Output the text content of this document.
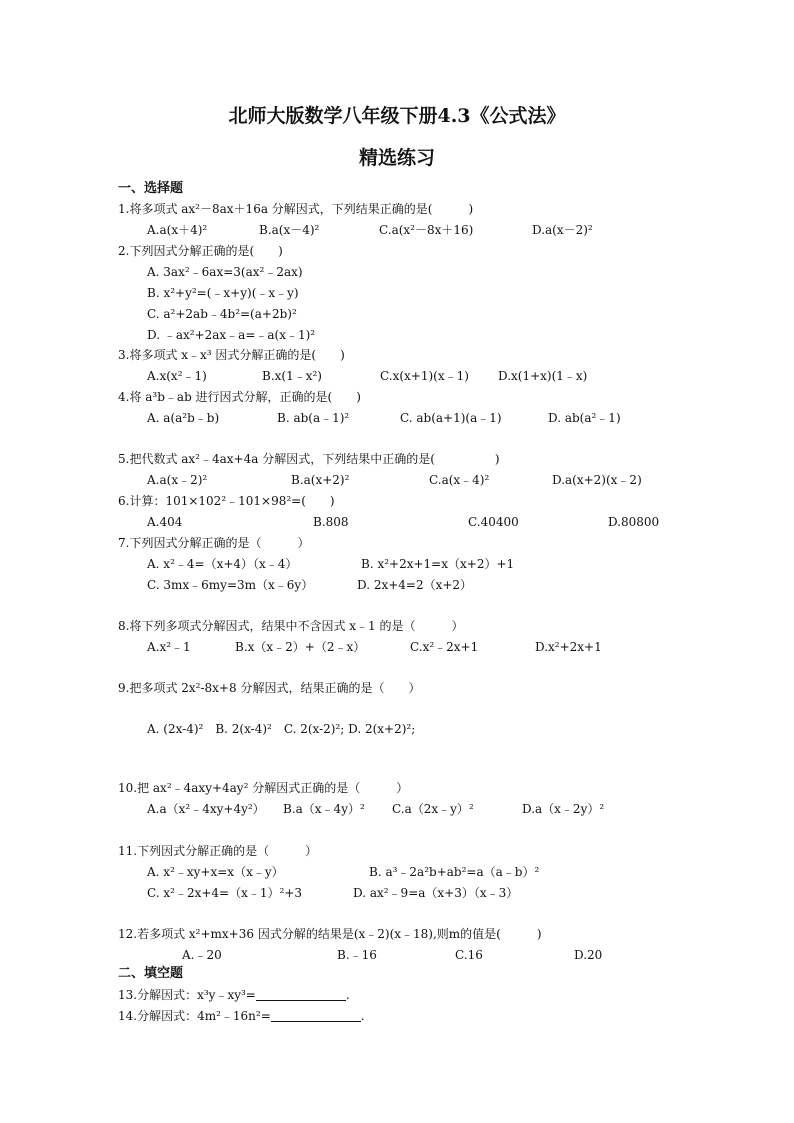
北师大版数学八年级下册4.3《公式法》
精选练习
一、选择题
1.将多项式 ax²－8ax＋16a 分解因式，下列结果正确的是(　　　)
A.a(x＋4)²	B.a(x－4)²	C.a(x²－8x＋16)	D.a(x－2)²
2.下列因式分解正确的是(　　)
A. 3ax²﹣6ax=3(ax²﹣2ax)
B. x²+y²=(﹣x+y)(﹣x﹣y)
C. a²+2ab﹣4b²=(a+2b)²
D. ﹣ax²+2ax﹣a=﹣a(x﹣1)²
3.将多项式 x﹣x³ 因式分解正确的是(　　)
A.x(x²﹣1)	B.x(1﹣x²)	C.x(x+1)(x﹣1) D.x(1+x)(1﹣x)
4.将 a³b﹣ab 进行因式分解，正确的是(　　)
A. a(a²b﹣b)	B. ab(a﹣1)²	C. ab(a+1)(a﹣1)	D. ab(a²﹣1)
5.把代数式 ax²﹣4ax+4a 分解因式，下列结果中正确的是(　　　　　)
A.a(x﹣2)²	B.a(x+2)²	C.a(x﹣4)²	D.a(x+2)(x﹣2)
6.计算：101×102²﹣101×98²=(　　)
A.404	B.808	C.40400	D.80800
7.下列因式分解正确的是（　　　）
A. x²﹣4=（x+4）（x﹣4）	B. x²+2x+1=x（x+2）+1
C. 3mx﹣6my=3m（x﹣6y）	D. 2x+4=2（x+2）
8.将下列多项式分解因式，结果中不含因式 x﹣1 的是（　　　）
A.x²﹣1	B.x（x﹣2）+（2﹣x）	C.x²﹣2x+1	D.x²+2x+1
9.把多项式 2x²-8x+8 分解因式，结果正确的是（　　）
A. (2x-4)²　B. 2(x-4)²　C. 2(x-2)²; D. 2(x+2)²;
10.把 ax²﹣4axy+4ay² 分解因式正确的是（　　　）
A.a（x²﹣4xy+4y²） B.a（x﹣4y）² C.a（2x﹣y）²	D.a（x﹣2y）²
11.下列因式分解正确的是（　　　）
A. x²﹣xy+x=x（x﹣y）	B. a³﹣2a²b+ab²=a（a﹣b）²
C. x²﹣2x+4=（x﹣1）²+3	D. ax²﹣9=a（x+3）（x﹣3）
12.若多项式 x²+mx+36 因式分解的结果是(x﹣2)(x﹣18),则m的值是(　　　)
A.﹣20	B.﹣16	C.16	D.20
二、填空题
13.分解因式：x³y﹣xy³=	.
14.分解因式：4m²﹣16n²=	.
